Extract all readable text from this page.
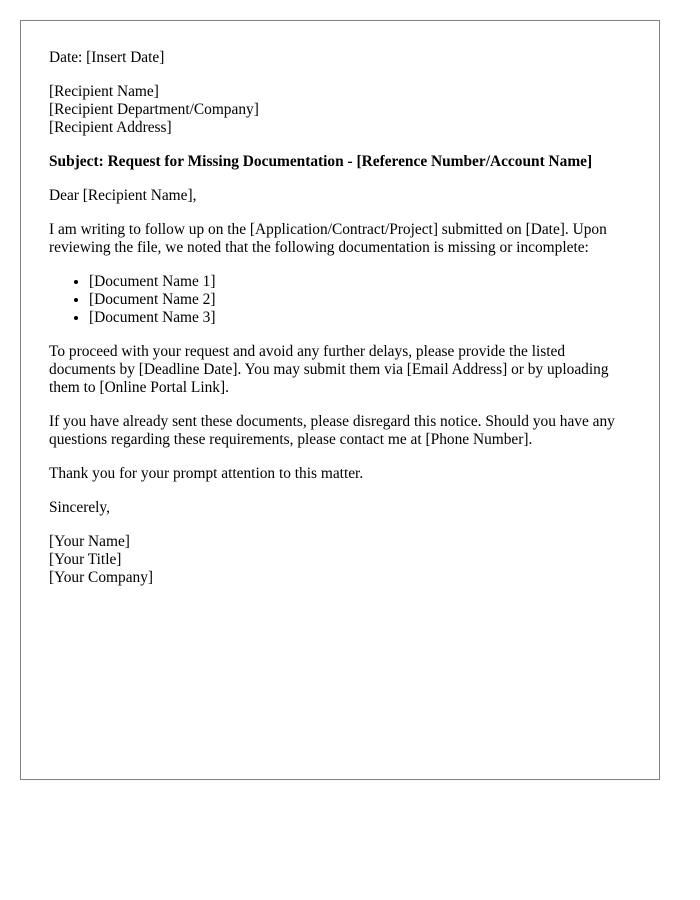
Date: [Insert Date]

[Recipient Name]
[Recipient Department/Company]
[Recipient Address]

Subject: Request for Missing Documentation - [Reference Number/Account Name]

Dear [Recipient Name],

I am writing to follow up on the [Application/Contract/Project] submitted on [Date]. Upon reviewing the file, we noted that the following documentation is missing or incomplete:

• [Document Name 1]
• [Document Name 2]
• [Document Name 3]

To proceed with your request and avoid any further delays, please provide the listed documents by [Deadline Date]. You may submit them via [Email Address] or by uploading them to [Online Portal Link].

If you have already sent these documents, please disregard this notice. Should you have any questions regarding these requirements, please contact me at [Phone Number].

Thank you for your prompt attention to this matter.

Sincerely,

[Your Name]
[Your Title]
[Your Company]
